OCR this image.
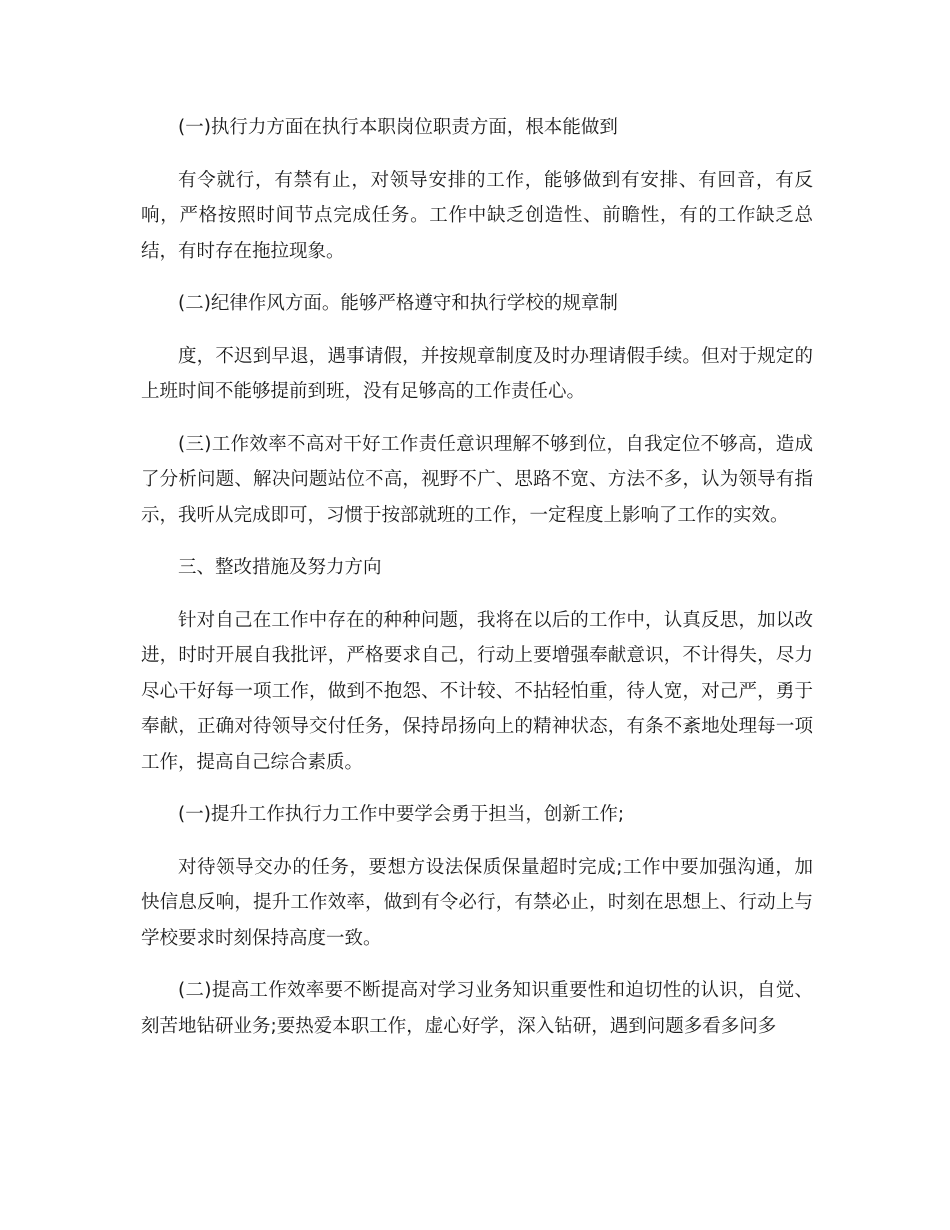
(一)执行力方面在执行本职岗位职责方面，根本能做到

有令就行，有禁有止，对领导安排的工作，能够做到有安排、有回音，有反响，严格按照时间节点完成任务。工作中缺乏创造性、前瞻性，有的工作缺乏总结，有时存在拖拉现象。

(二)纪律作风方面。能够严格遵守和执行学校的规章制

度，不迟到早退，遇事请假，并按规章制度及时办理请假手续。但对于规定的上班时间不能够提前到班，没有足够高的工作责任心。

(三)工作效率不高对干好工作责任意识理解不够到位，自我定位不够高，造成了分析问题、解决问题站位不高，视野不广、思路不宽、方法不多，认为领导有指示，我听从完成即可，习惯于按部就班的工作，一定程度上影响了工作的实效。

三、整改措施及努力方向

针对自己在工作中存在的种种问题，我将在以后的工作中，认真反思，加以改进，时时开展自我批评，严格要求自己，行动上要增强奉献意识，不计得失，尽力尽心干好每一项工作，做到不抱怨、不计较、不拈轻怕重，待人宽，对己严，勇于奉献，正确对待领导交付任务，保持昂扬向上的精神状态，有条不紊地处理每一项工作，提高自己综合素质。

(一)提升工作执行力工作中要学会勇于担当，创新工作;

对待领导交办的任务，要想方设法保质保量超时完成;工作中要加强沟通，加快信息反响，提升工作效率，做到有令必行，有禁必止，时刻在思想上、行动上与学校要求时刻保持高度一致。

(二)提高工作效率要不断提高对学习业务知识重要性和迫切性的认识，自觉、刻苦地钻研业务;要热爱本职工作，虚心好学，深入钻研，遇到问题多看多问多
